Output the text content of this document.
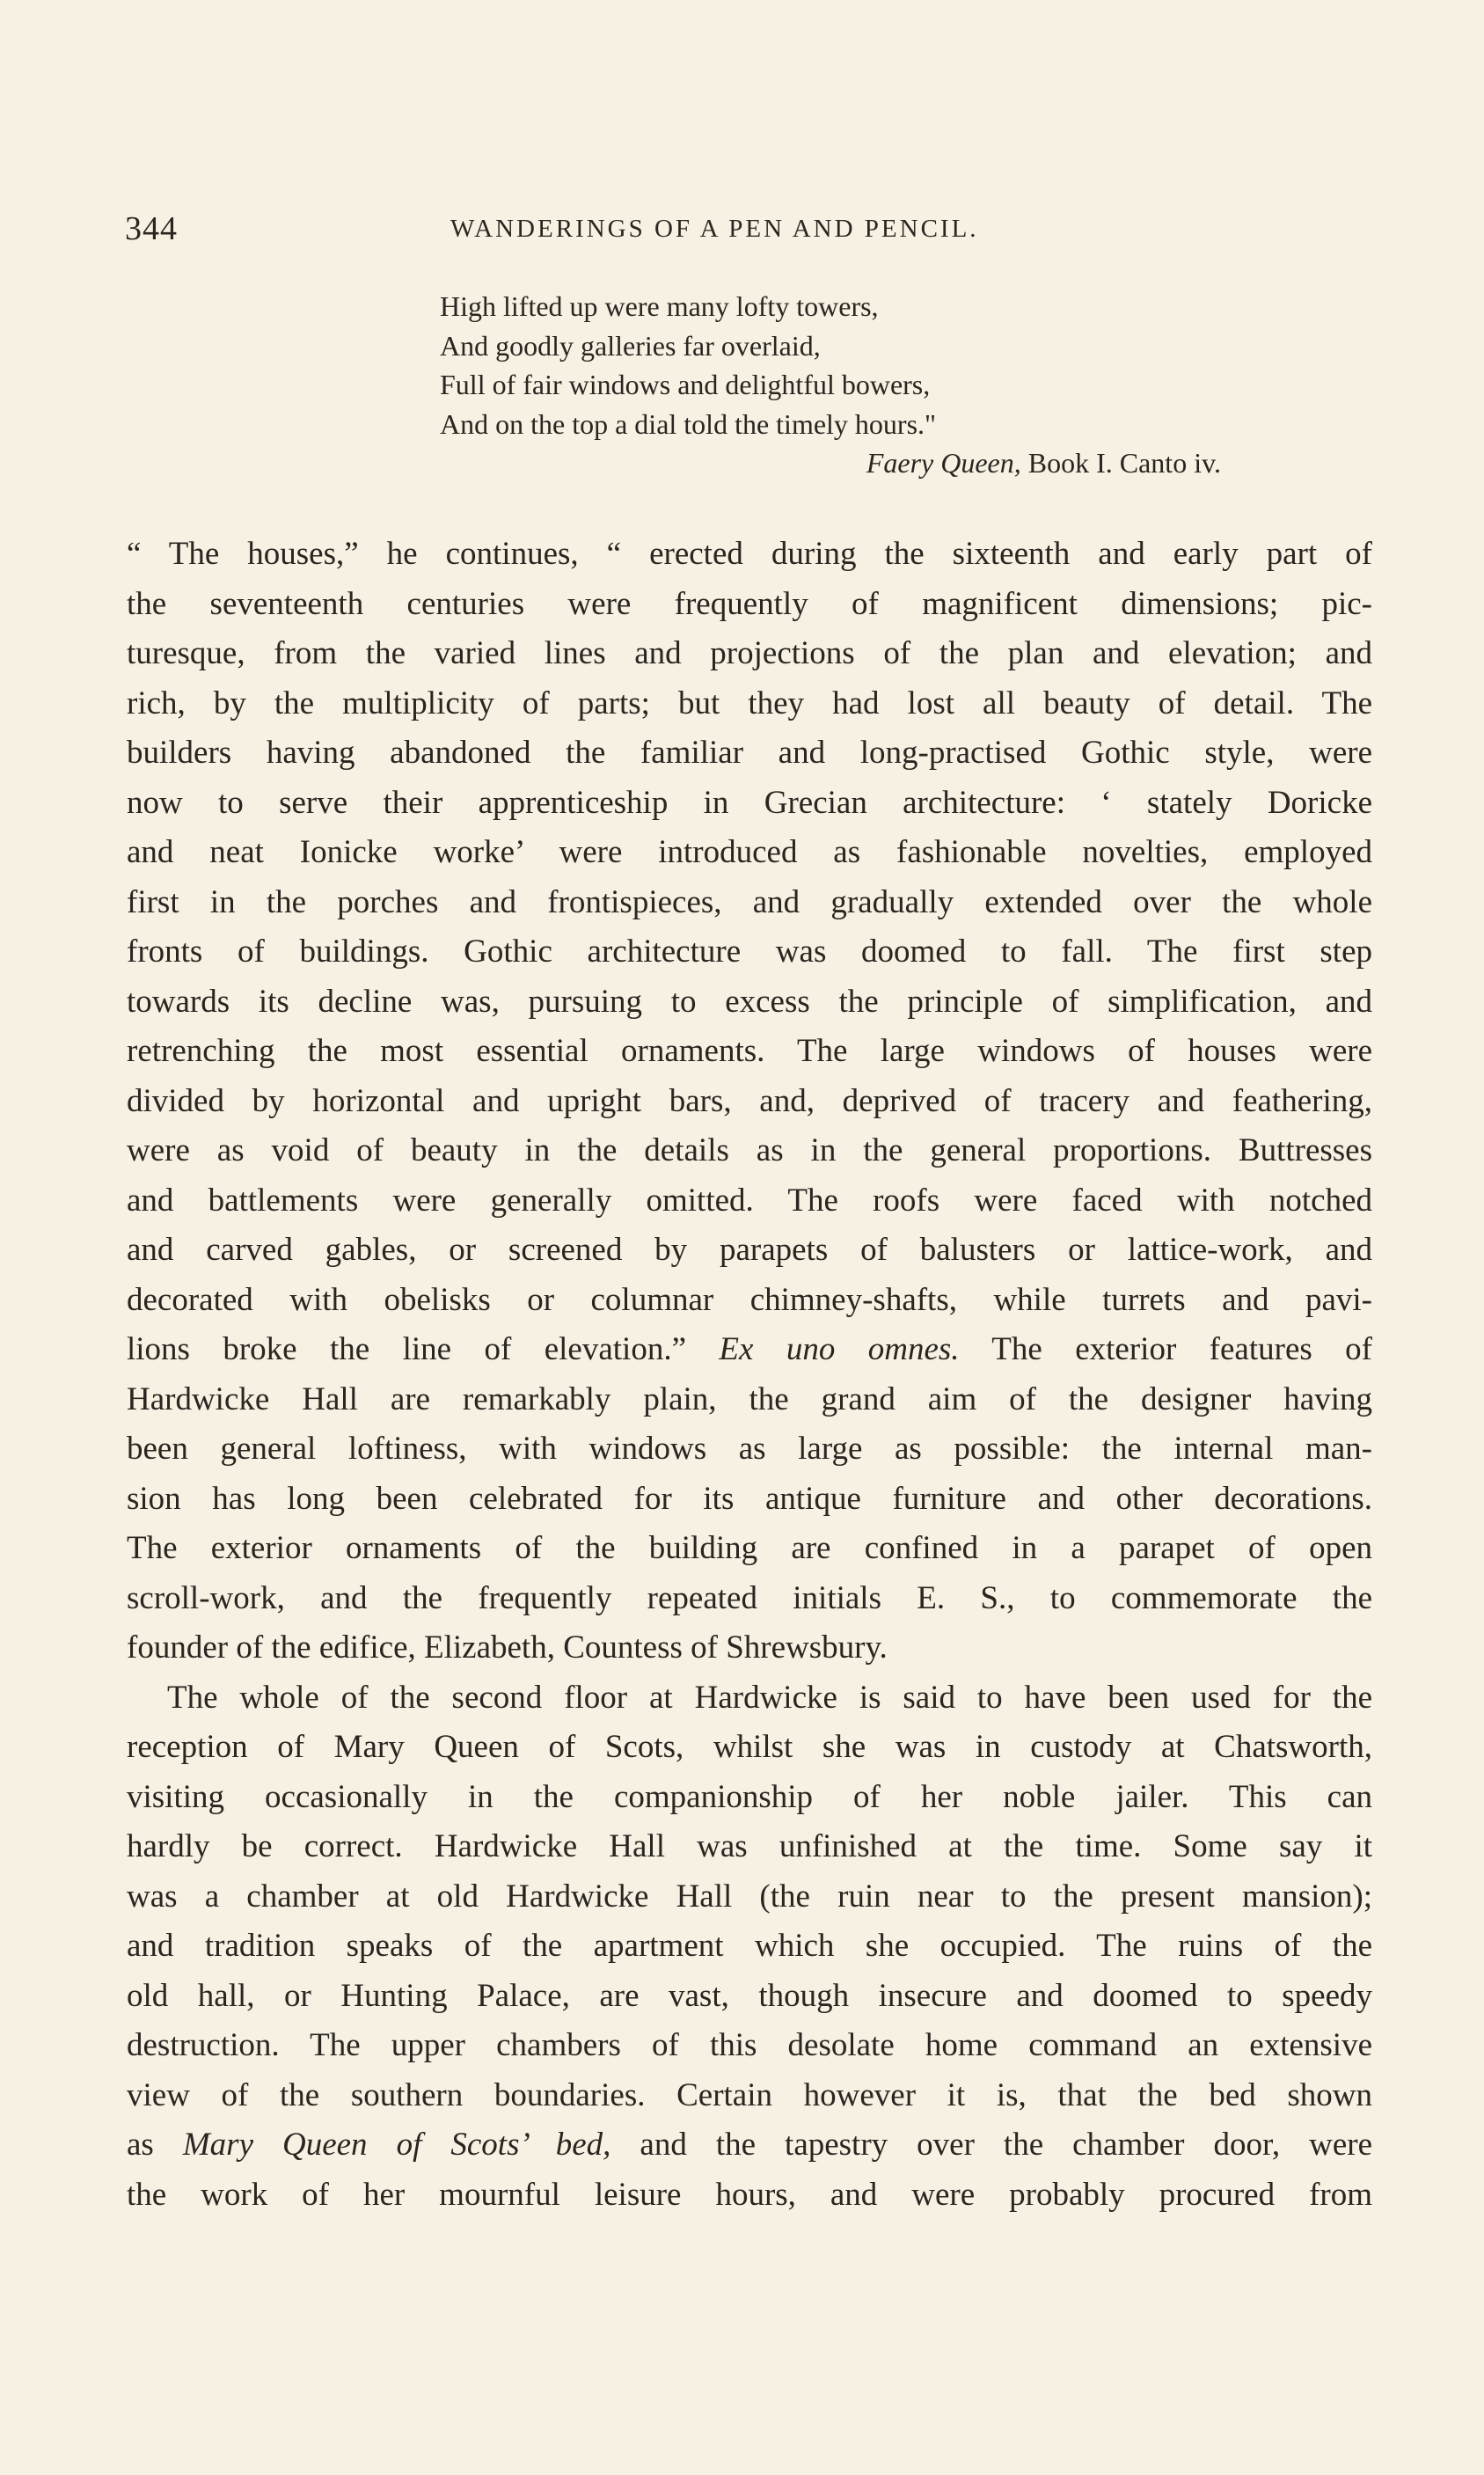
344	WANDERINGS OF A PEN AND PENCIL.
High lifted up were many lofty towers,
And goodly galleries far overlaid,
Full of fair windows and delightful bowers,
And on the top a dial told the timely hours."
Faery Queen, Book I. Canto iv.
“ The houses,” he continues, “ erected during the sixteenth and early part of
the seventeenth centuries were frequently of magnificent dimensions; pic-
turesque, from the varied lines and projections of the plan and elevation; and
rich, by the multiplicity of parts; but they had lost all beauty of detail. The
builders having abandoned the familiar and long-practised Gothic style, were
now to serve their apprenticeship in Grecian architecture: ‘ stately Doricke
and neat Ionicke worke’ were introduced as fashionable novelties, employed
first in the porches and frontispieces, and gradually extended over the whole
fronts of buildings. Gothic architecture was doomed to fall. The first step
towards its decline was, pursuing to excess the principle of simplification, and
retrenching the most essential ornaments. The large windows of houses were
divided by horizontal and upright bars, and, deprived of tracery and feathering,
were as void of beauty in the details as in the general proportions. Buttresses
and battlements were generally omitted. The roofs were faced with notched
and carved gables, or screened by parapets of balusters or lattice-work, and
decorated with obelisks or columnar chimney-shafts, while turrets and pavi-
lions broke the line of elevation.” Ex uno omnes. The exterior features of
Hardwicke Hall are remarkably plain, the grand aim of the designer having
been general loftiness, with windows as large as possible: the internal man-
sion has long been celebrated for its antique furniture and other decorations.
The exterior ornaments of the building are confined in a parapet of open
scroll-work, and the frequently repeated initials E. S., to commemorate the
founder of the edifice, Elizabeth, Countess of Shrewsbury.
The whole of the second floor at Hardwicke is said to have been used for the
reception of Mary Queen of Scots, whilst she was in custody at Chatsworth,
visiting occasionally in the companionship of her noble jailer. This can
hardly be correct. Hardwicke Hall was unfinished at the time. Some say it
was a chamber at old Hardwicke Hall (the ruin near to the present mansion);
and tradition speaks of the apartment which she occupied. The ruins of the
old hall, or Hunting Palace, are vast, though insecure and doomed to speedy
destruction. The upper chambers of this desolate home command an extensive
view of the southern boundaries. Certain however it is, that the bed shown
as Mary Queen of Scots’ bed, and the tapestry over the chamber door, were
the work of her mournful leisure hours, and were probably procured from
